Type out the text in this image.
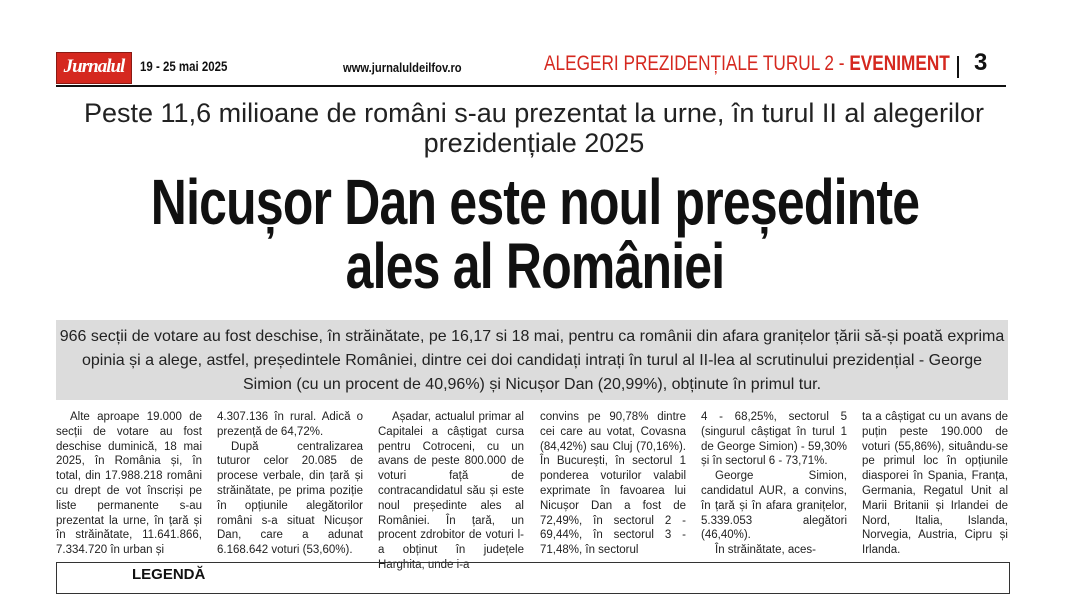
Jurnalul	19 - 25 mai 2025	www.jurnaluldeilfov.ro	ALEGERI PREZIDENȚIALE TURUL 2 - EVENIMENT 3
Peste 11,6 milioane de români s-au prezentat la urne, în turul II al alegerilor prezidențiale 2025
Nicușor Dan este noul președinte ales al României
966 secții de votare au fost deschise, în străinătate, pe 16,17 si 18 mai, pentru ca românii din afara granițelor țării să-și poată exprima opinia și a alege, astfel, președintele României, dintre cei doi candidați intrați în turul al II-lea al scrutinului prezidențial - George Simion (cu un procent de 40,96%) și Nicușor Dan (20,99%), obținute în primul tur.

Alte aproape 19.000 de secții de votare au fost deschise duminică, 18 mai 2025, în România și, în total, din 17.988.218 români cu drept de vot înscriși pe liste permanente s-au prezentat la urne, în țară și în străinătate, 11.641.866, 7.334.720 în urban și

4.307.136 în rural. Adică o prezență de 64,72%.

După centralizarea tuturor celor 20.085 de procese verbale, din țară și străinătate, pe prima poziție în opțiunile alegătorilor români s-a situat Nicușor Dan, care a adunat 6.168.642 voturi (53,60%).

Așadar, actualul primar al Capitalei a câștigat cursa pentru Cotroceni, cu un avans de peste 800.000 de voturi față de contracandidatul său și este noul președinte ales al României. În țară, un procent zdrobitor de voturi l-a obținut în județele Harghita, unde i-a

convins pe 90,78% dintre cei care au votat, Covasna (84,42%) sau Cluj (70,16%). În București, în sectorul 1 ponderea voturilor valabil exprimate în favoarea lui Nicușor Dan a fost de 72,49%, în sectorul 2 - 69,44%, în sectorul 3 - 71,48%, în sectorul

4 - 68,25%, sectorul 5 (singurul câștigat în turul 1 de George Simion) - 59,30% și în sectorul 6 - 73,71%.

George Simion, candidatul AUR, a convins, în țară și în afara granițelor, 5.339.053 alegători (46,40%).

În străinătate, aces-

ta a câștigat cu un avans de puțin peste 190.000 de voturi (55,86%), situându-se pe primul loc în opțiunile diasporei în Spania, Franța, Germania, Regatul Unit al Marii Britanii și Irlandei de Nord, Italia, Islanda, Norvegia, Austria, Cipru și Irlanda.

LEGENDĂ
